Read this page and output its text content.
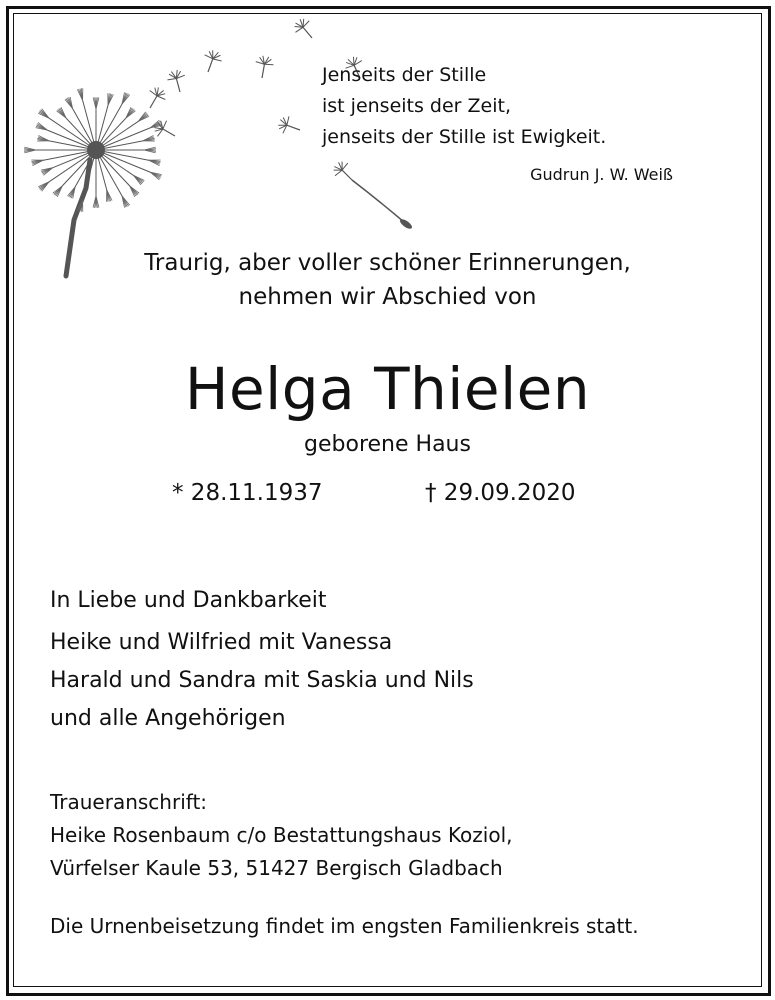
Jenseits der Stille
ist jenseits der Zeit,
jenseits der Stille ist Ewigkeit.
Gudrun J. W. Weiß
Traurig, aber voller schöner Erinnerungen,
nehmen wir Abschied von
Helga Thielen
geborene Haus
* 28.11.1937	† 29.09.2020
In Liebe und Dankbarkeit
Heike und Wilfried mit Vanessa
Harald und Sandra mit Saskia und Nils
und alle Angehörigen
Traueranschrift:
Heike Rosenbaum c/o Bestattungshaus Koziol,
Vürfelser Kaule 53, 51427 Bergisch Gladbach
Die Urnenbeisetzung findet im engsten Familienkreis statt.
